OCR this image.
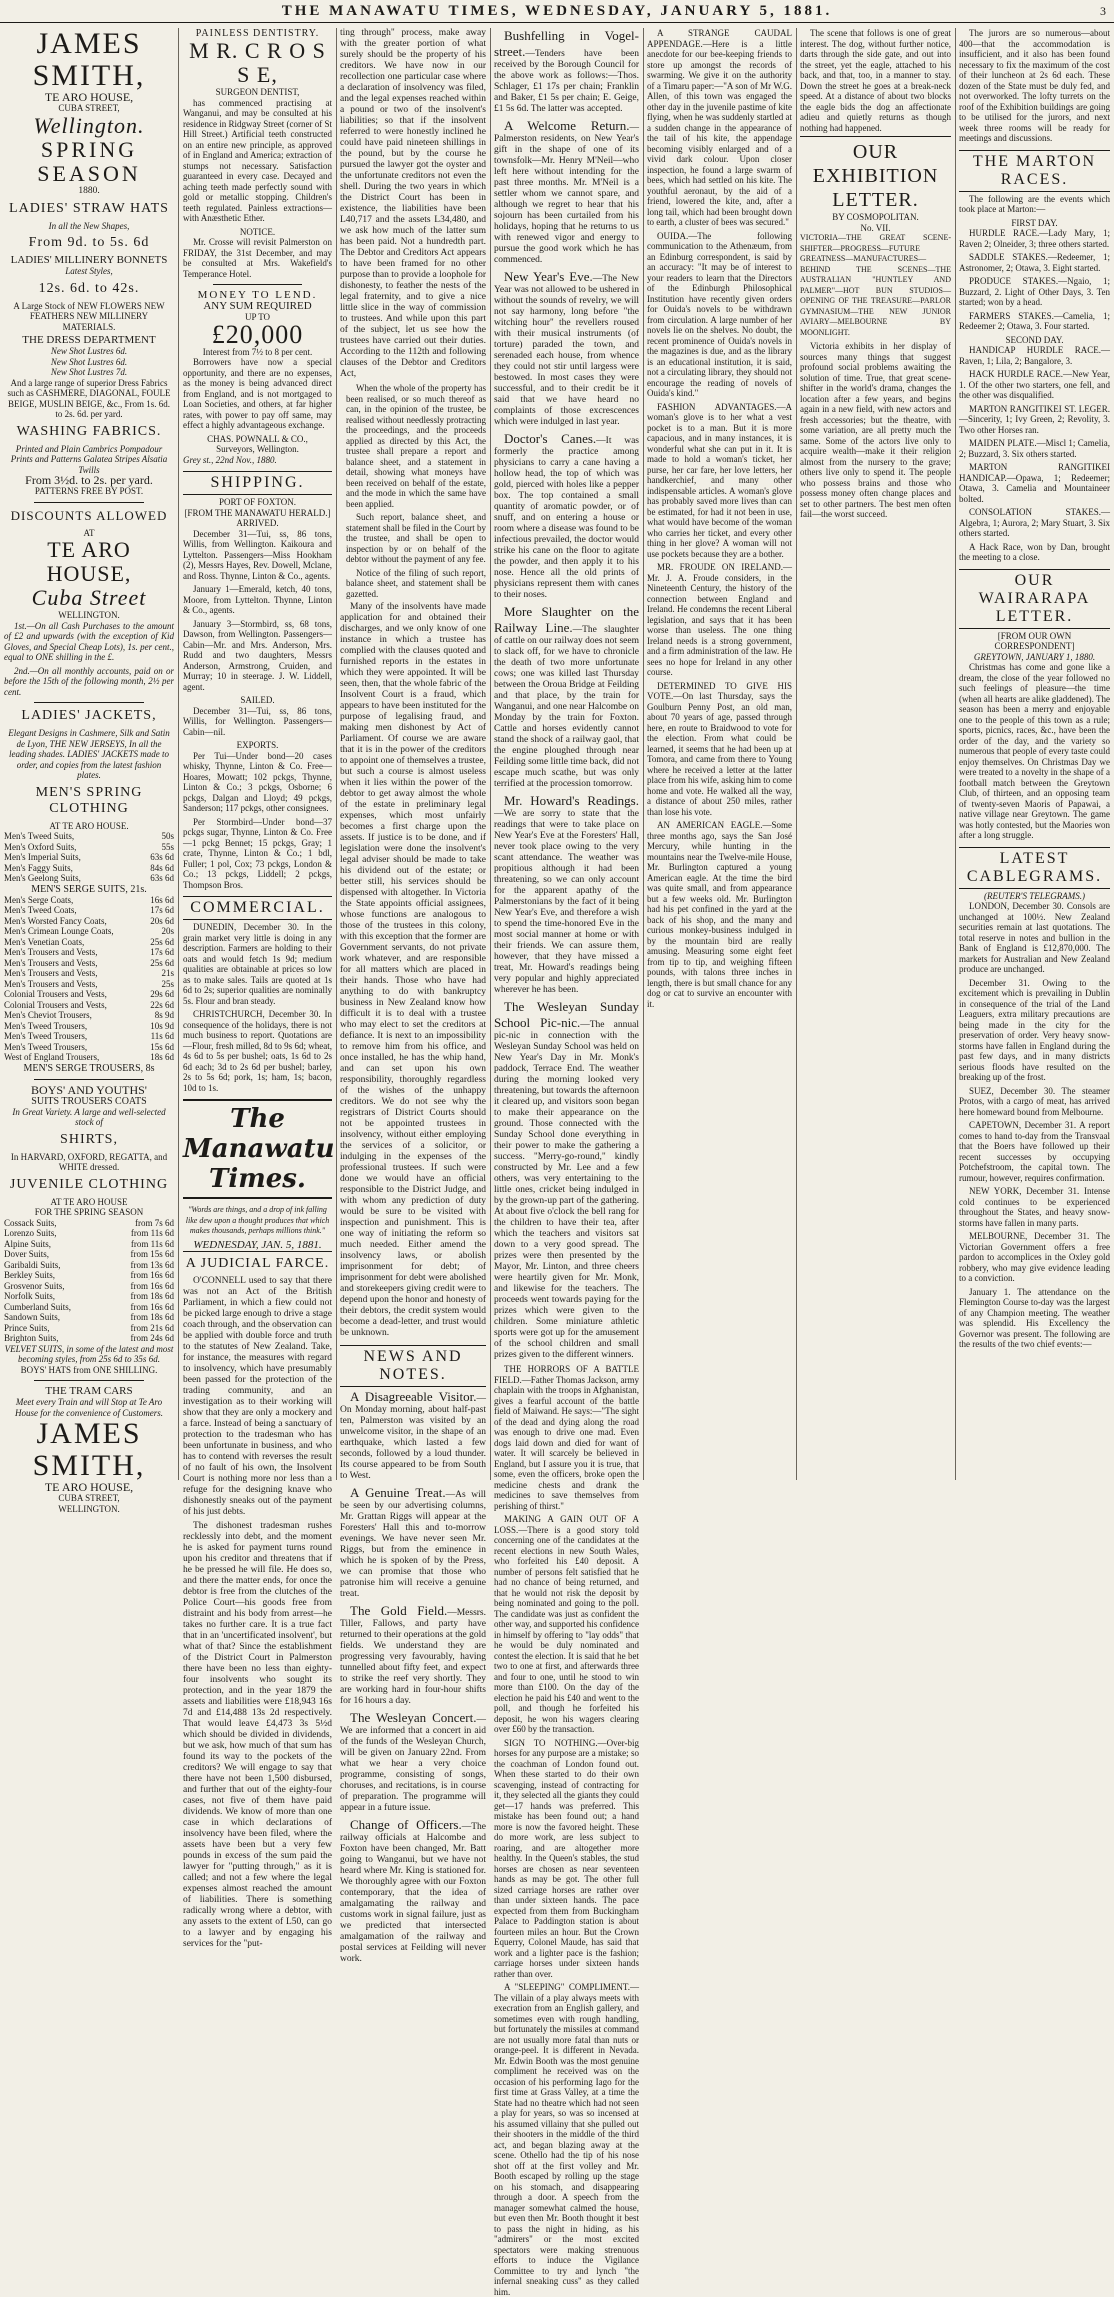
THE MANAWATU TIMES, WEDNESDAY, JANUARY 5, 1881.	3
JAMES SMITH,
TE ARO HOUSE,
CUBA STREET,
Wellington.
SPRING SEASON
1880.
LADIES' STRAW HATS
In all the New Shapes,
From 9d. to 5s. 6d
LADIES' MILLINERY BONNETS
Latest Styles,
12s. 6d. to 42s.
A Large Stock of NEW FLOWERS NEW FEATHERS NEW MILLINERY MATERIALS.
THE DRESS DEPARTMENT
New Shot Lustres 6d.
New Shot Lustres 6d.
New Shot Lustres 7d.
And a large range of superior Dress Fabrics such as CASHMERE, DIAGONAL, FOULE BEIGE, MUSLIN BEIGE, &c., From 1s. 6d. to 2s. 6d. per yard.
WASHING FABRICS.
Printed and Plain Cambrics Pompadour Prints and Patterns Galatea Stripes Alsatia Twills
From 3½d. to 2s. per yard.
PATTERNS FREE BY POST.
DISCOUNTS ALLOWED
AT
TE ARO HOUSE,
Cuba Street
WELLINGTON.

1st.—On all Cash Purchases to the amount of £2 and upwards (with the exception of Kid Gloves, and Special Cheap Lots), 1s. per cent., equal to ONE shilling in the £.

2nd.—On all monthly accounts, paid on or before the 15th of the following month, 2½ per cent.

LADIES' JACKETS,
Elegant Designs in Cashmere, Silk and Satin de Lyon, THE NEW JERSEYS, In all the leading shades. LADIES' JACKETS made to order, and copies from the latest fashion plates.
MEN'S SPRING CLOTHING
AT TE ARO HOUSE.
Men's Tweed Suits,	50s
Men's Oxford Suits,	55s
Men's Imperial Suits,	63s 6d
Men's Faggy Suits,	84s 6d
Men's Geelong Suits,	63s 6d
MEN'S SERGE SUITS, 21s.
Men's Serge Coats,	16s 6d
Men's Tweed Coats,	17s 6d
Men's Worsted Fancy Coats,	20s 6d
Men's Crimean Lounge Coats,	20s
Men's Venetian Coats,	25s 6d
Men's Trousers and Vests,	17s 6d
Men's Trousers and Vests,	25s 6d
Men's Trousers and Vests,	21s
Men's Trousers and Vests,	25s
Colonial Trousers and Vests,	29s 6d
Colonial Trousers and Vests,	22s 6d
Men's Cheviot Trousers,	8s 9d
Men's Tweed Trousers,	10s 9d
Men's Tweed Trousers,	11s 6d
Men's Tweed Trousers,	15s 6d
West of England Trousers,	18s 6d
MEN'S SERGE TROUSERS, 8s
BOYS' AND YOUTHS'
SUITS TROUSERS COATS
In Great Variety. A large and well-selected stock of
SHIRTS,
In HARVARD, OXFORD, REGATTA, and WHITE dressed.
JUVENILE CLOTHING
AT TE ARO HOUSE
FOR THE SPRING SEASON
Cossack Suits,	from 7s 6d
Lorenzo Suits,	from 11s 6d
Alpine Suits,	from 11s 6d
Dover Suits,	from 15s 6d
Garibaldi Suits,	from 13s 6d
Berkley Suits,	from 16s 6d
Grosvenor Suits,	from 16s 6d
Norfolk Suits,	from 18s 6d
Cumberland Suits,	from 16s 6d
Sandown Suits,	from 18s 6d
Prince Suits,	from 21s 6d
Brighton Suits,	from 24s 6d
VELVET SUITS, in some of the latest and most becoming styles, from 25s 6d to 35s 6d.
BOYS' HATS from ONE SHILLING.
THE TRAM CARS
Meet every Train and will Stop at Te Aro House for the convenience of Customers.
JAMES SMITH,
TE ARO HOUSE,
CUBA STREET,
WELLINGTON.
PAINLESS DENTISTRY.
M R. C R O S S E,
SURGEON DENTIST,

has commenced practising at Wanganui, and may be consulted at his residence in Ridgway Street (corner of St Hill Street.) Artificial teeth constructed on an entire new principle, as approved of in England and America; extraction of stumps not necessary. Satisfaction guaranteed in every case. Decayed and aching teeth made perfectly sound with gold or metallic stopping. Children's teeth regulated. Painless extractions—with Anæsthetic Ether.

NOTICE.

Mr. Crosse will revisit Palmerston on FRIDAY, the 31st December, and may be consulted at Mrs. Wakefield's Temperance Hotel.

MONEY TO LEND.
ANY SUM REQUIRED
UP TO
£20,000
Interest from 7½ to 8 per cent.

Borrowers have now a special opportunity, and there are no expenses, as the money is being advanced direct from England, and is not mortgaged to Loan Societies, and others, at far higher rates, with power to pay off same, may effect a highly advantageous exchange.

CHAS. POWNALL & CO.,
Surveyors, Wellington.
Grey st., 22nd Nov., 1880.
SHIPPING.
PORT OF FOXTON.
[FROM THE MANAWATU HERALD.]
ARRIVED.

December 31—Tui, ss, 86 tons, Willis, from Wellington. Kaikoura and Lyttelton. Passengers—Miss Hookham (2), Messrs Hayes, Rev. Dowell, Mclane, and Ross. Thynne, Linton & Co., agents.

January 1—Emerald, ketch, 40 tons, Moore, from Lyttelton. Thynne, Linton & Co., agents.

January 3—Stormbird, ss, 68 tons, Dawson, from Wellington. Passengers—Cabin—Mr. and Mrs. Anderson, Mrs. Rudd and two daughters, Messrs Anderson, Armstrong, Cruiden, and Murray; 10 in steerage. J. W. Liddell, agent.

SAILED.

December 31—Tui, ss, 86 tons, Willis, for Wellington. Passengers—Cabin—nil.

EXPORTS.

Per Tui—Under bond—20 cases whisky, Thynne, Linton & Co. Free—Hoares, Mowatt; 102 pckgs, Thynne, Linton & Co.; 3 pckgs, Osborne; 6 pckgs, Dalgan and Lloyd; 49 pckgs, Sanderson; 117 pckgs, other consignees.

Per Stormbird—Under bond—37 pckgs sugar, Thynne, Linton & Co. Free—1 pckg Bennet; 15 pckgs, Gray; 1 crate, Thynne, Linton & Co.; 1 bdl, Fuller; 1 pol, Cox; 73 pckgs, London & Co.; 13 pckgs, Liddell; 2 pckgs, Thompson Bros.

COMMERCIAL.

DUNEDIN, December 30. In the grain market very little is doing in any description. Farmers are holding to their oats and would fetch 1s 9d; medium qualities are obtainable at prices so low as to make sales. Tails are quoted at 1s 6d to 2s; superior qualities are nominally 5s. Flour and bran steady.

CHRISTCHURCH, December 30. In consequence of the holidays, there is not much business to report. Quotations are—Flour, fresh milled, 8d to 9s 6d; wheat, 4s 6d to 5s per bushel; oats, 1s 6d to 2s 6d each; 3d to 2s 6d per bushel; barley, 2s to 5s 6d; pork, 1s; ham, 1s; bacon, 10d to 1s.

The Manawatu Times.
"Words are things, and a drop of ink falling like dew upon a thought produces that which makes thousands, perhaps millions think."
WEDNESDAY, JAN. 5, 1881.
A JUDICIAL FARCE.

O'CONNELL used to say that there was not an Act of the British Parliament, in which a fiew could not be picked large enough to drive a stage coach through, and the observation can be applied with double force and truth to the statutes of New Zealand. Take, for instance, the measures with regard to insolvency, which have presumably been passed for the protection of the trading community, and an investigation as to their working will show that they are only a mockery and a farce. Instead of being a sanctuary of protection to the tradesman who has been unfortunate in business, and who has to contend with reverses the result of no fault of his own, the Insolvent Court is nothing more nor less than a refuge for the designing knave who dishonestly sneaks out of the payment of his just debts.

The dishonest tradesman rushes recklessly into debt, and the moment he is asked for payment turns round upon his creditor and threatens that if he be pressed he will file. He does so, and there the matter ends, for once the debtor is free from the clutches of the Police Court—his goods free from distraint and his body from arrest—he takes no further care. It is a true fact that in an 'uncertificated insolvent', but what of that? Since the establishment of the District Court in Palmerston there have been no less than eighty-four insolvents who sought its protection, and in the year 1879 the assets and liabilities were £18,943 16s 7d and £14,488 13s 2d respectively. That would leave £4,473 3s 5½d which should be divided in dividends, but we ask, how much of that sum has found its way to the pockets of the creditors? We will engage to say that there have not been 1,500 disbursed, and further that out of the eighty-four cases, not five of them have paid dividends. We know of more than one case in which declarations of insolvency have been filed, where the assets have been but a very few pounds in excess of the sum paid the lawyer for "putting through," as it is called; and not a few where the legal expenses almost reached the amount of liabilities. There is something radically wrong where a debtor, with any assets to the extent of L50, can go to a lawyer and by engaging his services for the "put-

ting through" process, make away with the greater portion of what surely should be the property of his creditors. We have now in our recollection one particular case where a declaration of insolvency was filed, and the legal expenses reached within a pound or two of the insolvent's liabilities; so that if the insolvent referred to were honestly inclined he could have paid nineteen shillings in the pound, but by the course he pursued the lawyer got the oyster and the unfortunate creditors not even the shell. During the two years in which the District Court has been in existence, the liabilities have been L40,717 and the assets L34,480, and we ask how much of the latter sum has been paid. Not a hundredth part. The Debtor and Creditors Act appears to have been framed for no other purpose than to provide a loophole for dishonesty, to feather the nests of the legal fraternity, and to give a nice little slice in the way of commission to trustees. And while upon this part of the subject, let us see how the trustees have carried out their duties. According to the 112th and following clauses of the Debtor and Creditors Act,

When the whole of the property has been realised, or so much thereof as can, in the opinion of the trustee, be realised without needlessly protracting the proceedings, and the proceeds applied as directed by this Act, the trustee shall prepare a report and balance sheet, and a statement in detail, showing what moneys have been received on behalf of the estate, and the mode in which the same have been applied.

Such report, balance sheet, and statement shall be filed in the Court by the trustee, and shall be open to inspection by or on behalf of the debtor without the payment of any fee.

Notice of the filing of such report, balance sheet, and statement shall be gazetted.

Many of the insolvents have made application for and obtained their discharges, and we only know of one instance in which a trustee has complied with the clauses quoted and furnished reports in the estates in which they were appointed. It will be seen, then, that the whole fabric of the Insolvent Court is a fraud, which appears to have been instituted for the purpose of legalising fraud, and making men dishonest by Act of Parliament. Of course we are aware that it is in the power of the creditors to appoint one of themselves a trustee, but such a course is almost useless when it lies within the power of the debtor to get away almost the whole of the estate in preliminary legal expenses, which most unfairly becomes a first charge upon the assets. If justice is to be done, and if legislation were done the insolvent's legal adviser should be made to take his dividend out of the estate; or better still, his services should be dispensed with altogether. In Victoria the State appoints official assignees, whose functions are analogous to those of the trustees in this colony, with this exception that the former are Government servants, do not private work whatever, and are responsible for all matters which are placed in their hands. Those who have had anything to do with bankruptcy business in New Zealand know how difficult it is to deal with a trustee who may elect to set the creditors at defiance. It is next to an impossibility to remove him from his office, and once installed, he has the whip hand, and can set upon his own responsibility, thoroughly regardless of the wishes of the unhappy creditors. We do not see why the registrars of District Courts should not be appointed trustees in insolvency, without either employing the services of a solicitor, or indulging in the expenses of the professional trustees. If such were done we would have an official responsible to the District Judge, and with whom any prediction of duty would be sure to be visited with inspection and punishment. This is one way of initiating the reform so much needed. Either amend the insolvency laws, or abolish imprisonment for debt; of imprisonment for debt were abolished and storekeepers giving credit were to depend upon the honor and honesty of their debtors, the credit system would become a dead-letter, and trust would be unknown.

NEWS AND NOTES.

A Disagreeable Visitor.—On Monday morning, about half-past ten, Palmerston was visited by an unwelcome visitor, in the shape of an earthquake, which lasted a few seconds, followed by a loud thunder. Its course appeared to be from South to West.

A Genuine Treat.—As will be seen by our advertising columns, Mr. Grattan Riggs will appear at the Foresters' Hall this and to-morrow evenings. We have never seen Mr. Riggs, but from the eminence in which he is spoken of by the Press, we can promise that those who patronise him will receive a genuine treat.

The Gold Field.—Messrs. Tiller, Fallows, and party have returned to their operations at the gold fields. We understand they are progressing very favourably, having tunnelled about fifty feet, and expect to strike the reef very shortly. They are working hard in four-hour shifts for 16 hours a day.

The Wesleyan Concert.—We are informed that a concert in aid of the funds of the Wesleyan Church, will be given on January 22nd. From what we hear a very choice programme, consisting of songs, choruses, and recitations, is in course of preparation. The programme will appear in a future issue.

Change of Officers.—The railway officials at Halcombe and Foxton have been changed, Mr. Batt going to Wanganui, but we have not heard where Mr. King is stationed for. We thoroughly agree with our Foxton contemporary, that the idea of amalgamating the railway and customs work in signal failure, just as we predicted that intersected amalgamation of the railway and postal services at Feilding will never work.

Bushfelling in Vogel-street.—Tenders have been received by the Borough Council for the above work as follows:—Thos. Schlager, £1 17s per chain; Franklin and Baker, £1 5s per chain; E. Geige, £1 5s 6d. The latter was accepted.

A Welcome Return.—Palmerston residents, on New Year's gift in the shape of one of its townsfolk—Mr. Henry M'Neil—who left here without intending for the past three months. Mr. M'Neil is a settler whom we cannot spare, and although we regret to hear that his sojourn has been curtailed from his holidays, hoping that he returns to us with renewed vigor and energy to pursue the good work which he has commenced.

New Year's Eve.—The New Year was not allowed to be ushered in without the sounds of revelry, we will not say harmony, long before "the witching hour" the revellers roused with their musical instruments (of torture) paraded the town, and serenaded each house, from whence they could not stir until largess were bestowed. In most cases they were successful, and to their credit be it said that we have heard no complaints of those excrescences which were indulged in last year.

Doctor's Canes.—It was formerly the practice among physicians to carry a cane having a hollow head, the top of which was gold, pierced with holes like a pepper box. The top contained a small quantity of aromatic powder, or of snuff, and on entering a house or room where a disease was found to be infectious prevailed, the doctor would strike his cane on the floor to agitate the powder, and then apply it to his nose. Hence all the old prints of physicians represent them with canes to their noses.

More Slaughter on the Railway Line.—The slaughter of cattle on our railway does not seem to slack off, for we have to chronicle the death of two more unfortunate cows; one was killed last Thursday between the Oroua Bridge at Feilding and that place, by the train for Wanganui, and one near Halcombe on Monday by the train for Foxton. Cattle and horses evidently cannot stand the shock of a railway gaol, that the engine ploughed through near Feilding some little time back, did not escape much scathe, but was only terrified at the procession tomorrow.

Mr. Howard's Readings.—We are sorry to state that the readings that were to take place on New Year's Eve at the Foresters' Hall, never took place owing to the very scant attendance. The weather was propitious although it had been threatening, so we can only account for the apparent apathy of the Palmerstonians by the fact of it being New Year's Eve, and therefore a wish to spend the time-honored Eve in the most social manner at home or with their friends. We can assure them, however, that they have missed a treat, Mr. Howard's readings being very popular and highly appreciated wherever he has been.

The Wesleyan Sunday School Pic-nic.—The annual pic-nic in connection with the Wesleyan Sunday School was held on New Year's Day in Mr. Monk's paddock, Terrace End. The weather during the morning looked very threatening, but towards the afternoon it cleared up, and visitors soon began to make their appearance on the ground. Those connected with the Sunday School done everything in their power to make the gathering a success. "Merry-go-round," kindly constructed by Mr. Lee and a few others, was very entertaining to the little ones, cricket being indulged in by the grown-up part of the gathering. At about five o'clock the bell rang for the children to have their tea, after which the teachers and visitors sat down to a very good spread. The prizes were then presented by the Mayor, Mr. Linton, and three cheers were heartily given for Mr. Monk, and likewise for the teachers. The proceeds went towards paying for the prizes which were given to the children. Some miniature athletic sports were got up for the amusement of the school children and small prizes given to the different winners.

THE HORRORS OF A BATTLE FIELD.—Father Thomas Jackson, army chaplain with the troops in Afghanistan, gives a fearful account of the battle field of Maiwand. He says:—"The sight of the dead and dying along the road was enough to drive one mad. Even dogs laid down and died for want of water. It will scarcely be believed in England, but I assure you it is true, that some, even the officers, broke open the medicine chests and drank the medicines to save themselves from perishing of thirst."

MAKING A GAIN OUT OF A LOSS.—There is a good story told concerning one of the candidates at the recent elections in new South Wales, who forfeited his £40 deposit. A number of persons felt satisfied that he had no chance of being returned, and that he would not risk the deposit by being nominated and going to the poll. The candidate was just as confident the other way, and supported his confidence in himself by offering to "lay odds" that he would be duly nominated and contest the election. It is said that he bet two to one at first, and afterwards three and four to one, until he stood to win more than £100. On the day of the election he paid his £40 and went to the poll, and though he forfeited his deposit, he won his wagers clearing over £60 by the transaction.

SIGN TO NOTHING.—Over-big horses for any purpose are a mistake; so the coachman of London found out. When these started to do their own scavenging, instead of contracting for it, they selected all the giants they could get—17 hands was preferred. This mistake has been found out; a hand more is now the favored height. These do more work, are less subject to roaring, and are altogether more healthy. In the Queen's stables, the stud horses are chosen as near seventeen hands as may be got. The other full sized carriage horses are rather over than under sixteen hands. The pace expected from them from Buckingham Palace to Paddington station is about fourteen miles an hour. But the Crown Equerry, Colonel Maude, has said that work and a lighter pace is the fashion; carriage horses under sixteen hands rather than over.

A "SLEEPING" COMPLIMENT.—The villain of a play always meets with execration from an English gallery, and sometimes even with rough handling, but fortunately the missiles at command are not usually more fatal than nuts or orange-peel. It is different in Nevada. Mr. Edwin Booth was the most genuine compliment he received was on the occasion of his performing Iago for the first time at Grass Valley, at a time the State had no theatre which had not seen a play for years, so was so incensed at his assumed villainy that she pulled out their shooters in the middle of the third act, and began blazing away at the scene. Othello had the tip of his nose shot off at the first volley and Mr. Booth escaped by rolling up the stage on his stomach, and disappearing through a door. A speech from the manager somewhat calmed the house, but even then Mr. Booth thought it best to pass the night in hiding, as his "admirers" or the most excited spectators were making strenuous efforts to induce the Vigilance Committee to try and lynch "the infernal sneaking cuss" as they called him.

A STRANGE CAUDAL APPENDAGE.—Here is a little anecdote for our bee-keeping friends to store up amongst the records of swarming. We give it on the authority of a Timaru paper:—"A son of Mr W.G. Allen, of this town was engaged the other day in the juvenile pastime of kite flying, when he was suddenly startled at a sudden change in the appearance of the tail of his kite, the appendage becoming visibly enlarged and of a vivid dark colour. Upon closer inspection, he found a large swarm of bees, which had settled on his kite. The youthful aeronaut, by the aid of a friend, lowered the kite, and, after a long tail, which had been brought down to earth, a cluster of bees was secured."

OUIDA.—The following communication to the Athenæum, from an Edinburg correspondent, is said by an accuracy: "It may be of interest to your readers to learn that the Directors of the Edinburgh Philosophical Institution have recently given orders for Ouida's novels to be withdrawn from circulation. A large number of her novels lie on the shelves. No doubt, the recent prominence of Ouida's novels in the magazines is due, and as the library is an educational institution, it is said, not a circulating library, they should not encourage the reading of novels of Ouida's kind."

FASHION ADVANTAGES.—A woman's glove is to her what a vest pocket is to a man. But it is more capacious, and in many instances, it is wonderful what she can put in it. It is made to hold a woman's ticket, her purse, her car fare, her love letters, her handkerchief, and many other indispensable articles. A woman's glove has probably saved more lives than can be estimated, for had it not been in use, what would have become of the woman who carries her ticket, and every other thing in her glove? A woman will not use pockets because they are a bother.

MR. FROUDE ON IRELAND.—Mr. J. A. Froude considers, in the Nineteenth Century, the history of the connection between England and Ireland. He condemns the recent Liberal legislation, and says that it has been worse than useless. The one thing Ireland needs is a strong government, and a firm administration of the law. He sees no hope for Ireland in any other course.

DETERMINED TO GIVE HIS VOTE.—On last Thursday, says the Goulburn Penny Post, an old man, about 70 years of age, passed through here, en route to Braidwood to vote for the election. From what could be learned, it seems that he had been up at Tomora, and came from there to Young where he received a letter at the latter place from his wife, asking him to come home and vote. He walked all the way, a distance of about 250 miles, rather than lose his vote.

AN AMERICAN EAGLE.—Some three months ago, says the San José Mercury, while hunting in the mountains near the Twelve-mile House, Mr. Burlington captured a young American eagle. At the time the bird was quite small, and from appearance but a few weeks old. Mr. Burlington had his pet confined in the yard at the back of his shop, and the many and curious monkey-business indulged in by the mountain bird are really amusing. Measuring some eight feet from tip to tip, and weighing fifteen pounds, with talons three inches in length, there is but small chance for any dog or cat to survive an encounter with it.

The scene that follows is one of great interest. The dog, without further notice, darts through the side gate, and out into the street, yet the eagle, attached to his back, and that, too, in a manner to stay. Down the street he goes at a break-neck speed. At a distance of about two blocks the eagle bids the dog an affectionate adieu and quietly returns as though nothing had happened.

OUR EXHIBITION LETTER.
BY COSMOPOLITAN.
No. VII.

VICTORIA—THE GREAT SCENE-SHIFTER—PROGRESS—FUTURE GREATNESS—MANUFACTURES—BEHIND THE SCENES—THE AUSTRALIAN "HUNTLEY AND PALMER"—HOT BUN STUDIOS—OPENING OF THE TREASURE—PARLOR GYMNASIUM—THE NEW JUNIOR AVIARY—MELBOURNE BY MOONLIGHT.

Victoria exhibits in her display of sources many things that suggest profound social problems awaiting the solution of time. True, that great scene-shifter in the world's drama, changes the location after a few years, and begins again in a new field, with new actors and fresh accessories; but the theatre, with some variation, are all pretty much the same. Some of the actors live only to acquire wealth—make it their religion almost from the nursery to the grave; others live only to spend it. The people who possess brains and those who possess money often change places and set to other partners. The best men often fail—the worst succeed.

The jurors are so numerous—about 400—that the accommodation is insufficient, and it also has been found necessary to fix the maximum of the cost of their luncheon at 2s 6d each. These dozen of the State must be duly fed, and not overworked. The lofty turrets on the roof of the Exhibition buildings are going to be utilised for the jurors, and next week three rooms will be ready for meetings and discussions.

THE MARTON RACES.

The following are the events which took place at Marton:—

FIRST DAY.

HURDLE RACE.—Lady Mary, 1; Raven 2; Olneider, 3; three others started.

SADDLE STAKES.—Redeemer, 1; Astronomer, 2; Otawa, 3. Eight started.

PRODUCE STAKES.—Ngaio, 1; Buzzard, 2. Light of Other Days, 3. Ten started; won by a head.

FARMERS STAKES.—Camelia, 1; Redeemer 2; Otawa, 3. Four started.

SECOND DAY.

HANDICAP HURDLE RACE.—Raven, 1; Lila, 2; Bangalore, 3.

HACK HURDLE RACE.—New Year, 1. Of the other two starters, one fell, and the other was disqualified.

MARTON RANGITIKEI ST. LEGER.—Sincerity, 1; Ivy Green, 2; Revolity, 3. Two other Horses ran.

MAIDEN PLATE.—Miscl 1; Camelia, 2; Buzzard, 3. Six others started.

MARTON RANGITIKEI HANDICAP.—Opawa, 1; Redeemer; Otawa, 3. Camelia and Mountaineer bolted.

CONSOLATION STAKES.—Algebra, 1; Aurora, 2; Mary Stuart, 3. Six others started.

A Hack Race, won by Dan, brought the meeting to a close.

OUR WAIRARAPA LETTER.
[FROM OUR OWN CORRESPONDENT]
GREYTOWN, JANUARY 1, 1880.

Christmas has come and gone like a dream, the close of the year followed no such feelings of pleasure—the time (when all hearts are alike gladdened). The season has been a merry and enjoyable one to the people of this town as a rule; sports, picnics, races, &c., have been the order of the day, and the variety so numerous that people of every taste could enjoy themselves. On Christmas Day we were treated to a novelty in the shape of a football match between the Greytown Club, of thirteen, and an opposing team of twenty-seven Maoris of Papawai, a native village near Greytown. The game was hotly contested, but the Maories won after a long struggle.

LATEST CABLEGRAMS.
(REUTER'S TELEGRAMS.)

LONDON, December 30. Consols are unchanged at 100½. New Zealand securities remain at last quotations. The total reserve in notes and bullion in the Bank of England is £12,870,000. The markets for Australian and New Zealand produce are unchanged.

December 31. Owing to the excitement which is prevailing in Dublin in consequence of the trial of the Land Leaguers, extra military precautions are being made in the city for the preservation of order. Very heavy snow-storms have fallen in England during the past few days, and in many districts serious floods have resulted on the breaking up of the frost.

SUEZ, December 30. The steamer Protos, with a cargo of meat, has arrived here homeward bound from Melbourne.

CAPETOWN, December 31. A report comes to hand to-day from the Transvaal that the Boers have followed up their recent successes by occupying Potchefstroom, the capital town. The rumour, however, requires confirmation.

NEW YORK, December 31. Intense cold continues to be experienced throughout the States, and heavy snow-storms have fallen in many parts.

MELBOURNE, December 31. The Victorian Government offers a free pardon to accomplices in the Oxley gold robbery, who may give evidence leading to a conviction.

January 1. The attendance on the Flemington Course to-day was the largest of any Champion meeting. The weather was splendid. His Excellency the Governor was present. The following are the results of the two chief events:—
